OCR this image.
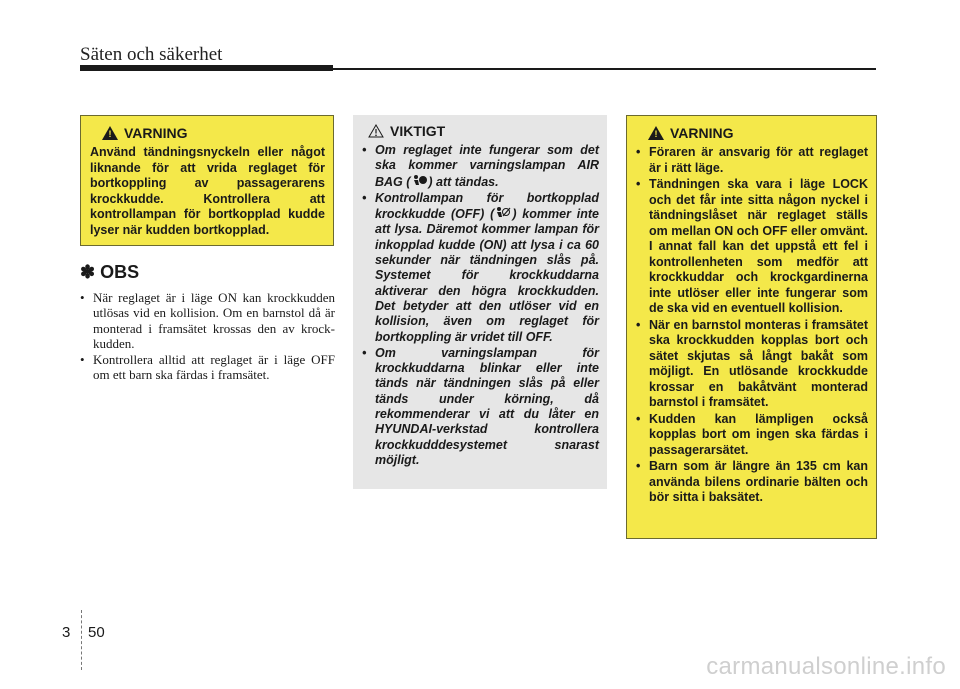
Säten och säkerhet
! VARNING
Använd tändningsnyckeln eller något liknande för att vrida reglaget för bortkoppling av passagerarens krockkudde. Kontrollera att kontrollampan för bortkopplad kudde lyser när kudden bortkopplad.
✽ OBS
• När reglaget är i läge ON kan krockkudden utlösas vid en kollision. Om en barnstol då är monterad i framsätet krossas den av krockkudden.
• Kontrollera alltid att reglaget är i läge OFF om ett barn ska färdas i framsätet.
VIKTIGT
• Om reglaget inte fungerar som det ska kommer varningslampan AIR BAG ( ) att tändas.
• Kontrollampan för bortkopplad krockkudde (OFF) ( ) kommer inte att lysa. Däremot kommer lampan för inkopplad kudde (ON) att lysa i ca 60 sekunder när tändningen slås på. Systemet för krockkuddarna aktiverar den högra krockkudden. Det betyder att den utlöser vid en kollision, även om reglaget för bortkoppling är vridet till OFF.
• Om varningslampan för krockkuddarna blinkar eller inte tänds när tändningen slås på eller tänds under körning, då rekommenderar vi att du låter en HYUNDAI-verkstad kontrollera krockkudddesystemet snarast möjligt.
! VARNING
• Föraren är ansvarig för att reglaget är i rätt läge.
• Tändningen ska vara i läge LOCK och det får inte sitta någon nyckel i tändningslåset när reglaget ställs om mellan ON och OFF eller omvänt. I annat fall kan det uppstå ett fel i kontrollenheten som medför att krockkuddar och krockgardinerna inte utlöser eller inte fungerar som de ska vid en eventuell kollision.
• När en barnstol monteras i framsätet ska krockkudden kopplas bort och sätet skjutas så långt bakåt som möjligt. En utlösande krockkudde krossar en bakåtvänt monterad barnstol i framsätet.
• Kudden kan lämpligen också kopplas bort om ingen ska färdas i passagerarsätet.
• Barn som är längre än 135 cm kan använda bilens ordinarie bälten och bör sitta i baksätet.
3 50
carmanualsonline.info
